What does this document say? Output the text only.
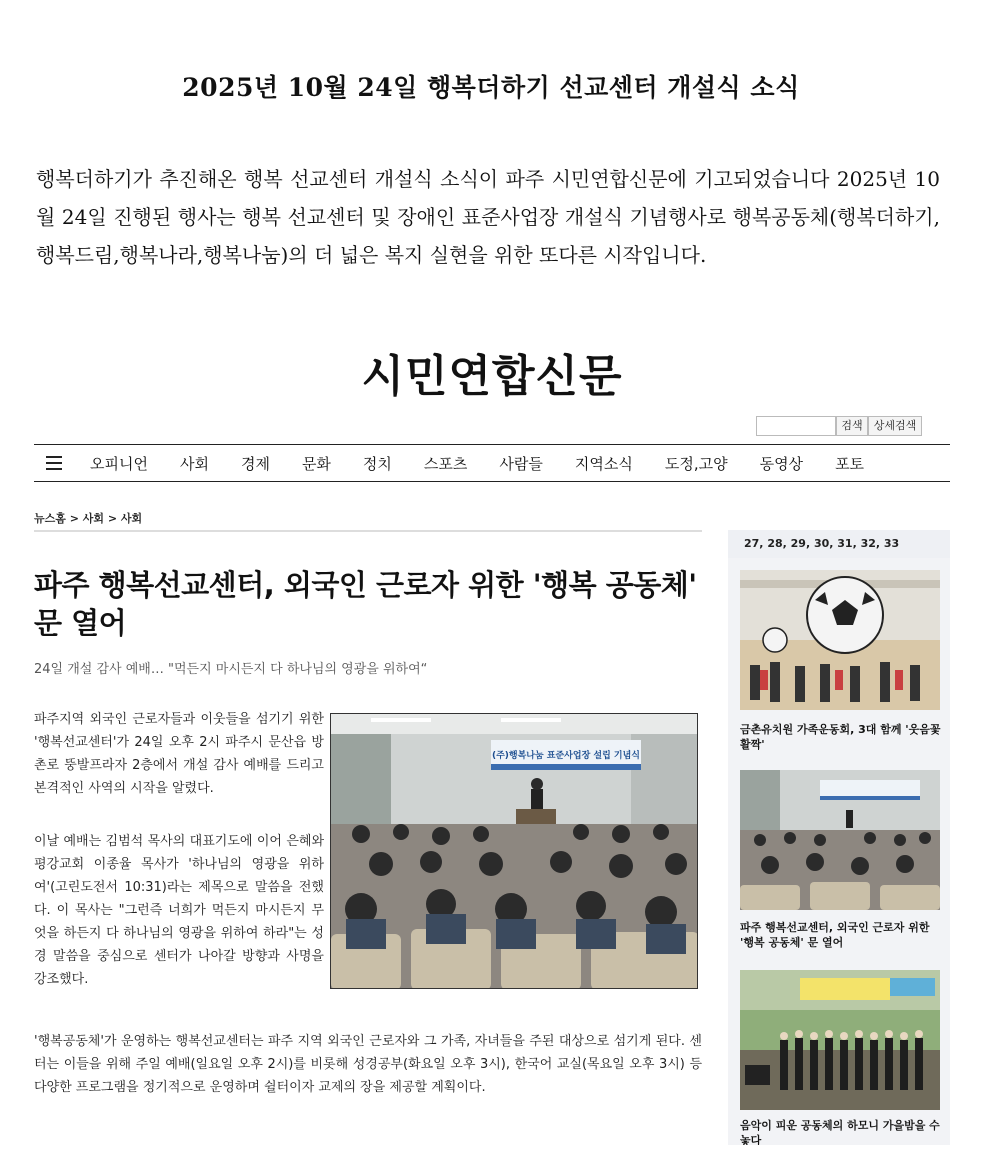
2025년 10월 24일 행복더하기 선교센터 개설식 소식
행복더하기가 추진해온 행복 선교센터 개설식 소식이 파주 시민연합신문에 기고되었습니다 2025년 10월 24일 진행된 행사는 행복 선교센터 및 장애인 표준사업장 개설식 기념행사로 행복공동체(행복더하기,행복드림,행복나라,행복나눔)의 더 넓은 복지 실현을 위한 또다른 시작입니다.
시민연합신문
검색	상세검색
오피니언	사회	경제	문화	정치	스포츠	사람들	지역소식	도정,고양	동영상	포토
뉴스홈 > 사회 > 사회
파주 행복선교센터, 외국인 근로자 위한 '행복 공동체' 문 열어
24일 개설 감사 예배… "먹든지 마시든지 다 하나님의 영광을 위하여“
파주지역 외국인 근로자들과 이웃들을 섬기기 위한 '행복선교센터'가 24일 오후 2시 파주시 문산읍 방촌로 뚱발프라자 2층에서 개설 감사 예배를 드리고 본격적인 사역의 시작을 알렸다.
이날 예배는 김범석 목사의 대표기도에 이어 은혜와 평강교회 이종율 목사가 '하나님의 영광을 위하여'(고린도전서 10:31)라는 제목으로 말씀을 전했다. 이 목사는 "그런즉 너희가 먹든지 마시든지 무엇을 하든지 다 하나님의 영광을 위하여 하라"는 성경 말씀을 중심으로 센터가 나아갈 방향과 사명을 강조했다.
'행복공동체'가 운영하는 행복선교센터는 파주 지역 외국인 근로자와 그 가족, 자녀들을 주된 대상으로 섬기게 된다. 센터는 이들을 위해 주일 예배(일요일 오후 2시)를 비롯해 성경공부(화요일 오후 3시), 한국어 교실(목요일 오후 3시) 등 다양한 프로그램을 정기적으로 운영하며 쉴터이자 교제의 장을 제공할 계획이다.
(주)행복나눔 표준사업장 설립 기념식
27, 28, 29, 30, 31, 32, 33
금촌유치원 가족운동회, 3대 함께 '웃음꽃 활짝'
파주 행복선교센터, 외국인 근로자 위한 '행복 공동체' 문 열어
음악이 피운 공동체의 하모니 가을밤을 수놓다
